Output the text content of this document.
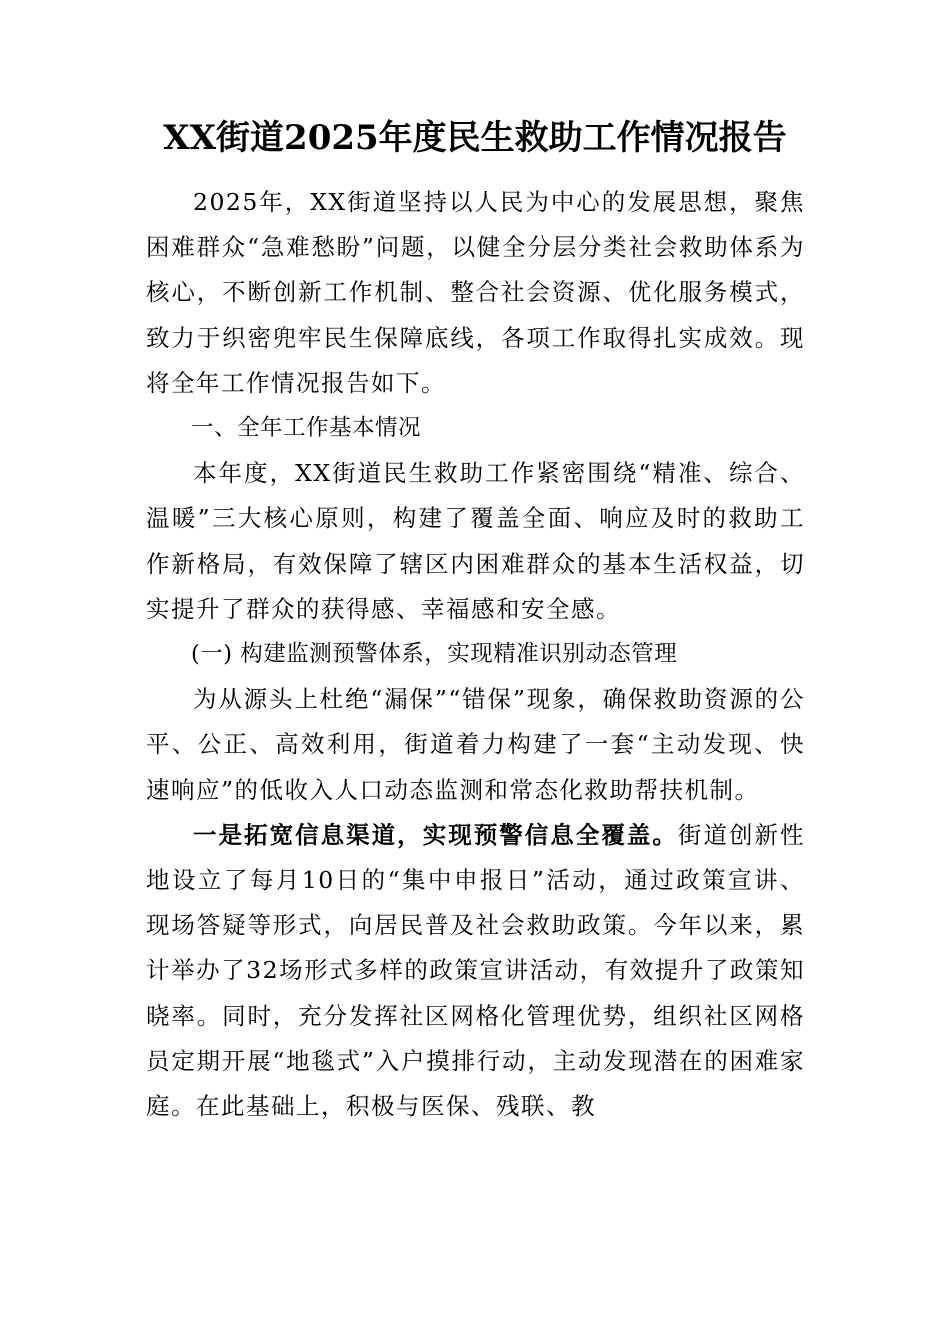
XX街道2025年度民生救助工作情况报告

2025年，XX街道坚持以人民为中心的发展思想，聚焦困难群众“急难愁盼”问题，以健全分层分类社会救助体系为核心，不断创新工作机制、整合社会资源、优化服务模式，致力于织密兜牢民生保障底线，各项工作取得扎实成效。现将全年工作情况报告如下。

一、全年工作基本情况

本年度，XX街道民生救助工作紧密围绕“精准、综合、温暖”三大核心原则，构建了覆盖全面、响应及时的救助工作新格局，有效保障了辖区内困难群众的基本生活权益，切实提升了群众的获得感、幸福感和安全感。

(一) 构建监测预警体系，实现精准识别动态管理

为从源头上杜绝“漏保”“错保”现象，确保救助资源的公平、公正、高效利用，街道着力构建了一套“主动发现、快速响应”的低收入人口动态监测和常态化救助帮扶机制。

一是拓宽信息渠道，实现预警信息全覆盖。街道创新性地设立了每月10日的“集中申报日”活动，通过政策宣讲、现场答疑等形式，向居民普及社会救助政策。今年以来，累计举办了32场形式多样的政策宣讲活动，有效提升了政策知晓率。同时，充分发挥社区网格化管理优势，组织社区网格员定期开展“地毯式”入户摸排行动，主动发现潜在的困难家庭。在此基础上，积极与医保、残联、教
